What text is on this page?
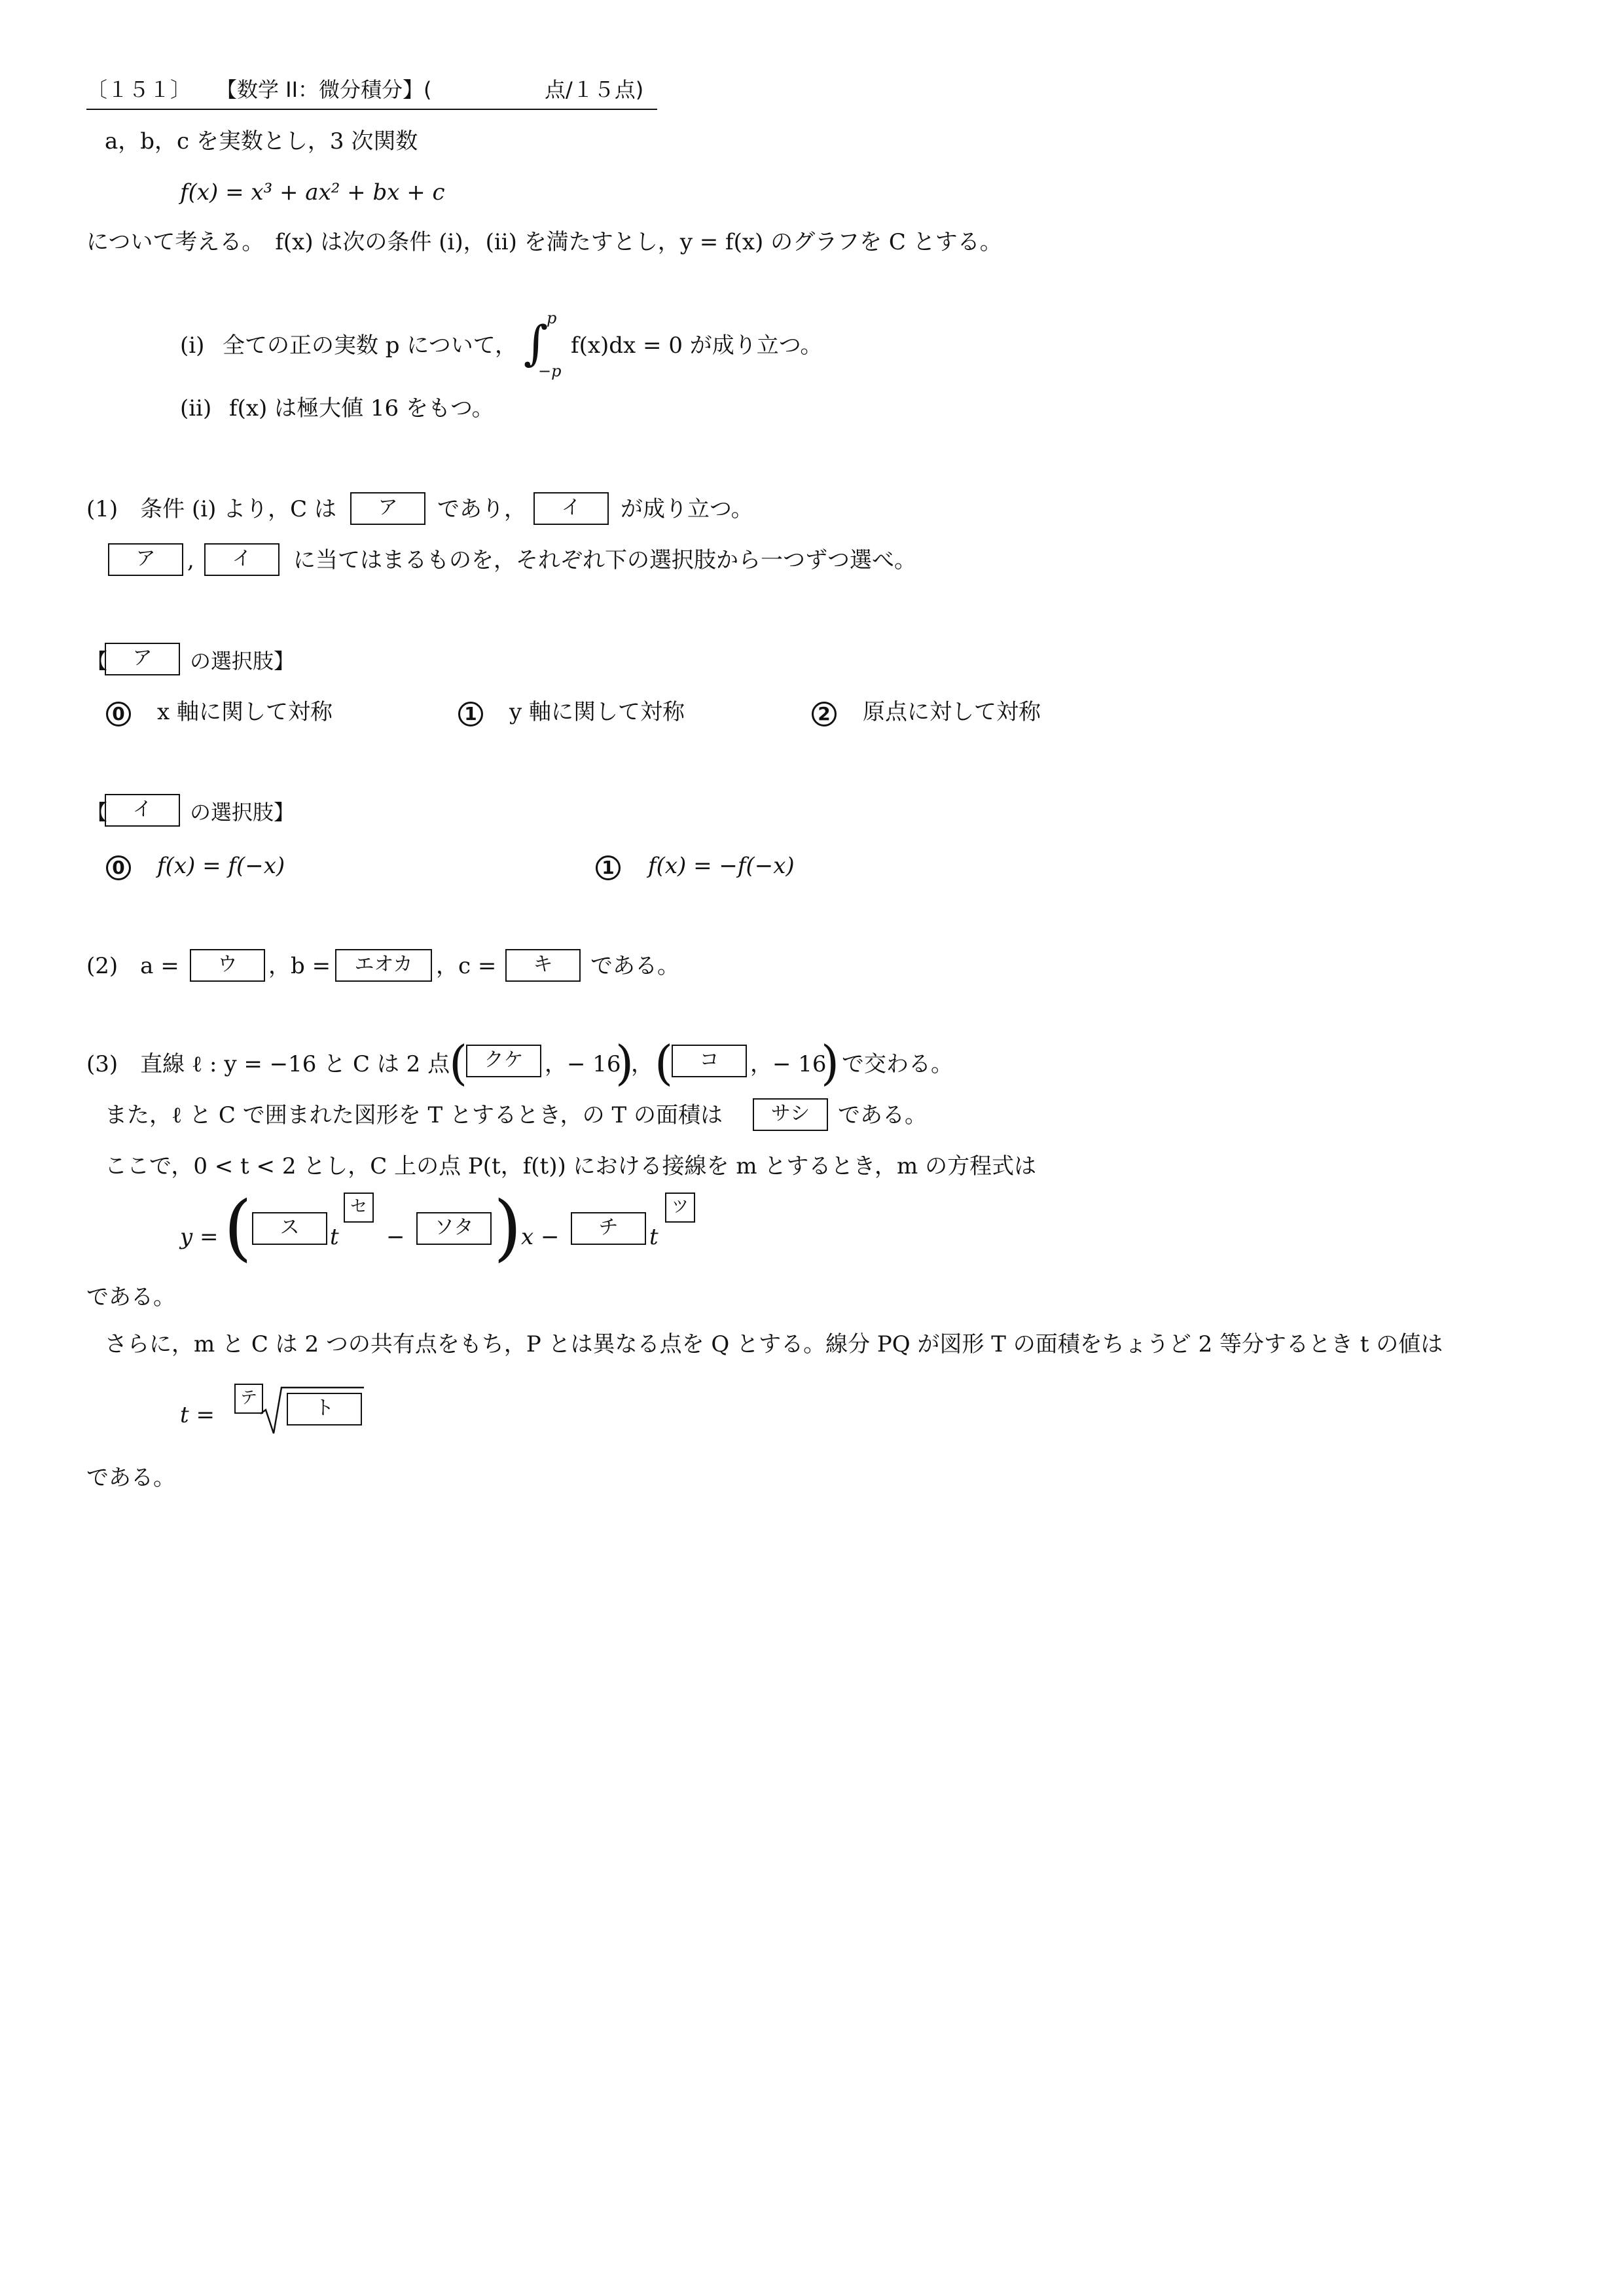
〔１５１〕 【数学 II：微分積分】(	点/１５点)
a，b，c を実数とし，3 次関数
f(x) = x³ + ax² + bx + c
について考える。　f(x) は次の条件 (i)，(ii) を満たすとし，y = f(x) のグラフを C とする。
(i) 全ての正の実数 p について， ∫
p
−p
f(x)dx = 0 が成り立つ。
(ii) f(x) は極大値 16 をもつ。
(1)　条件 (i) より，C は	ア	であり，	イ	が成り立つ。
ア	,	イ	に当てはまるものを，それぞれ下の選択肢から一つずつ選べ。
【	ア	の選択肢】
0 x 軸に関して対称	1 y 軸に関して対称	2 原点に対して対称
【	イ	の選択肢】
0 f(x) = f(−x)	1 f(x) = −f(−x)
(2)　a =	ウ	，b =	エオカ	，c =	キ	である。
(3)　直線 ℓ : y = −16 と C は 2 点
( クケ ，− 16
)
， (	コ	，− 16
) で交わる。
また，ℓ と C で囲まれた図形を T とするとき，の T の面積は	サシ	である。
ここで，0 < t < 2 とし，C 上の点 P(t，f(t)) における接線を m とするとき，m の方程式は
y = (	ス	t
セ
−	ソタ ) x −	チ	t
ツ
である。
さらに，m と C は 2 つの共有点をもち，P とは異なる点を Q とする。線分 PQ が図形 T の面積をちょうど 2 等分するとき t の値は
t =
テ	ト
である。
